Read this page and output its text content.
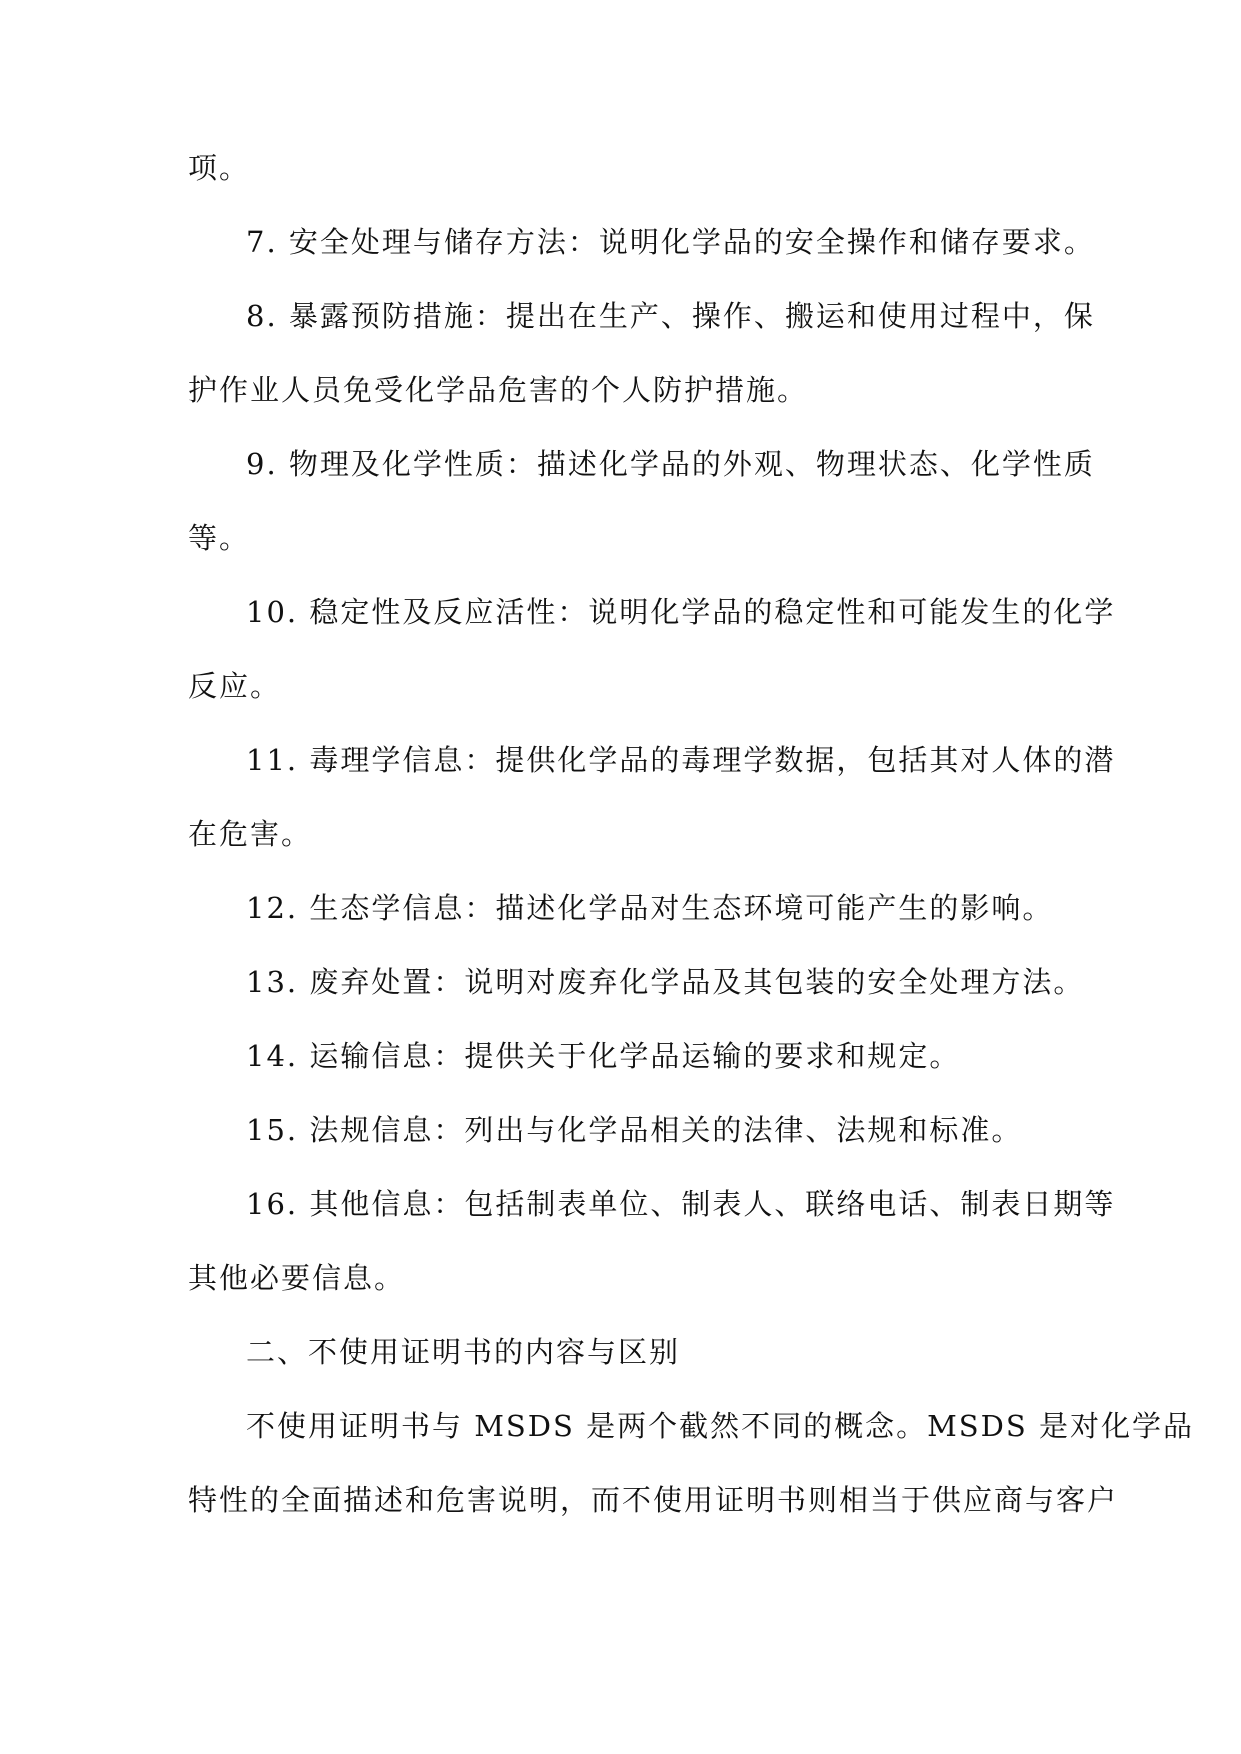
项。
7. 安全处理与储存方法：说明化学品的安全操作和储存要求。
8. 暴露预防措施：提出在生产、操作、搬运和使用过程中，保
护作业人员免受化学品危害的个人防护措施。
9. 物理及化学性质：描述化学品的外观、物理状态、化学性质
等。
10. 稳定性及反应活性：说明化学品的稳定性和可能发生的化学
反应。
11. 毒理学信息：提供化学品的毒理学数据，包括其对人体的潜
在危害。
12. 生态学信息：描述化学品对生态环境可能产生的影响。
13. 废弃处置：说明对废弃化学品及其包装的安全处理方法。
14. 运输信息：提供关于化学品运输的要求和规定。
15. 法规信息：列出与化学品相关的法律、法规和标准。
16. 其他信息：包括制表单位、制表人、联络电话、制表日期等
其他必要信息。
二、不使用证明书的内容与区别
不使用证明书与 MSDS 是两个截然不同的概念。MSDS 是对化学品
特性的全面描述和危害说明，而不使用证明书则相当于供应商与客户
